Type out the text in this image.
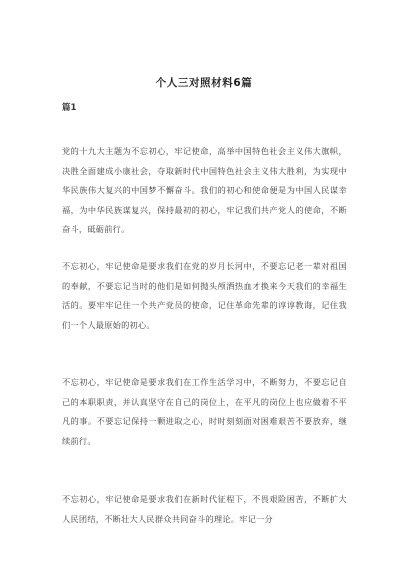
个人三对照材料6篇
篇1

党的十九大主题为不忘初心，牢记使命，高举中国特色社会主义伟大旗帜，决胜全面建成小康社会，夺取新时代中国特色社会主义伟大胜利，为实现中华民族伟大复兴的中国梦不懈奋斗。我们的初心和使命便是为中国人民谋幸福，为中华民族谋复兴，保持最初的初心，牢记我们共产党人的使命，不断奋斗，砥砺前行。

不忘初心，牢记使命是要求我们在党的岁月长河中，不要忘记老一辈对祖国的奉献，不要忘记当时的他们是如何抛头颅洒热血才换来今天我们的幸福生活的。要牢牢记住一个共产党员的使命，记住革命先辈的谆谆教诲，记住我们一个人最原始的初心。

不忘初心，牢记使命是要求我们在工作生活学习中，不断努力，不要忘记自己的本职职责，并认真坚守在自己的岗位上，在平凡的岗位上也应做着不平凡的事。不要忘记保持一颗进取之心，时时刻刻面对困难艰苦不要放弃，继续前行。

不忘初心，牢记使命是要求我们在新时代征程下，不畏艰险困苦，不断扩大人民团结，不断壮大人民群众共同奋斗的理论。牢记一分
